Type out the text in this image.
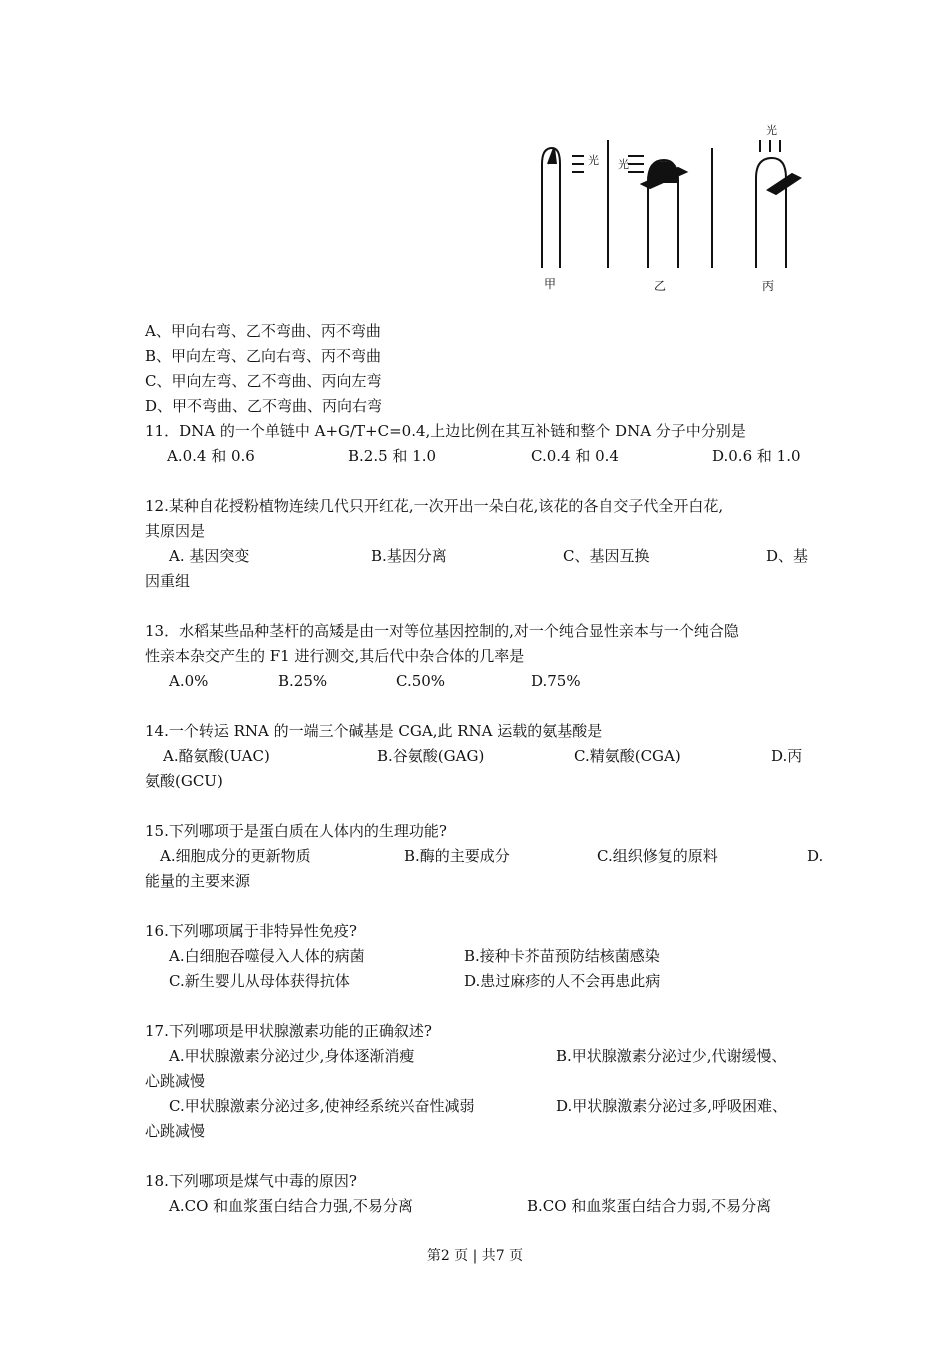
光 光
光
甲	乙	丙
A、甲向右弯、乙不弯曲、丙不弯曲
B、甲向左弯、乙向右弯、丙不弯曲
C、甲向左弯、乙不弯曲、丙向左弯
D、甲不弯曲、乙不弯曲、丙向右弯
11．DNA 的一个单链中 A+G/T+C=0.4,上边比例在其互补链和整个 DNA 分子中分别是
A.0.4 和 0.6	B.2.5 和 1.0	C.0.4 和 0.4	D.0.6 和 1.0
12.某种自花授粉植物连续几代只开红花,一次开出一朵白花,该花的各自交子代全开白花,
其原因是
A. 基因突变	B.基因分离	C、基因互换	D、基
因重组
13．水稻某些品种茎杆的高矮是由一对等位基因控制的,对一个纯合显性亲本与一个纯合隐
性亲本杂交产生的 F1 进行测交,其后代中杂合体的几率是
A.0%	B.25%	C.50%	D.75%
14.一个转运 RNA 的一端三个碱基是 CGA,此 RNA 运载的氨基酸是
A.酪氨酸(UAC)	B.谷氨酸(GAG)	C.精氨酸(CGA)	D.丙
氨酸(GCU)
15.下列哪项于是蛋白质在人体内的生理功能?
A.细胞成分的更新物质	B.酶的主要成分	C.组织修复的原料	D.
能量的主要来源
16.下列哪项属于非特异性免疫?
A.白细胞吞噬侵入人体的病菌	B.接种卡芥苗预防结核菌感染
C.新生婴儿从母体获得抗体	D.患过麻疹的人不会再患此病
17.下列哪项是甲状腺激素功能的正确叙述?
A.甲状腺激素分泌过少,身体逐渐消瘦	B.甲状腺激素分泌过少,代谢缓慢、
心跳减慢
C.甲状腺激素分泌过多,使神经系统兴奋性减弱	D.甲状腺激素分泌过多,呼吸困难、
心跳减慢
18.下列哪项是煤气中毒的原因?
A.CO 和血浆蛋白结合力强,不易分离	B.CO 和血浆蛋白结合力弱,不易分离
第2 页 | 共7 页
